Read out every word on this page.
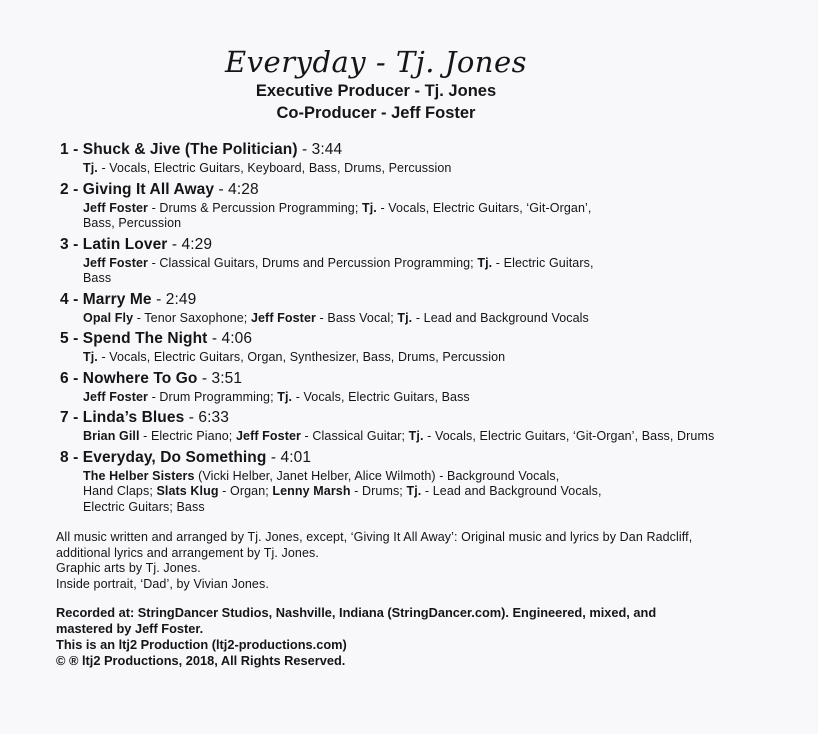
Everyday - Tj. Jones
Executive Producer - Tj. Jones
Co-Producer - Jeff Foster
1 - Shuck & Jive (The Politician) - 3:44
Tj. - Vocals, Electric Guitars, Keyboard, Bass, Drums, Percussion
2 - Giving It All Away - 4:28
Jeff Foster - Drums & Percussion Programming; Tj. - Vocals, Electric Guitars, ‘Git-Organ’,
Bass, Percussion
3 - Latin Lover - 4:29
Jeff Foster - Classical Guitars, Drums and Percussion Programming; Tj. - Electric Guitars,
Bass
4 - Marry Me - 2:49
Opal Fly - Tenor Saxophone; Jeff Foster - Bass Vocal; Tj. - Lead and Background Vocals
5 - Spend The Night - 4:06
Tj. - Vocals, Electric Guitars, Organ, Synthesizer, Bass, Drums, Percussion
6 - Nowhere To Go - 3:51
Jeff Foster - Drum Programming; Tj. - Vocals, Electric Guitars, Bass
7 - Linda’s Blues - 6:33
Brian Gill - Electric Piano; Jeff Foster - Classical Guitar; Tj. - Vocals, Electric Guitars, ‘Git-Organ’, Bass, Drums
8 - Everyday, Do Something - 4:01
The Helber Sisters (Vicki Helber, Janet Helber, Alice Wilmoth) - Background Vocals,
Hand Claps; Slats Klug - Organ; Lenny Marsh - Drums; Tj. - Lead and Background Vocals,
Electric Guitars; Bass
All music written and arranged by Tj. Jones, except, ‘Giving It All Away’: Original music and lyrics by Dan Radcliff,
additional lyrics and arrangement by Tj. Jones.
Graphic arts by Tj. Jones.
Inside portrait, ‘Dad’, by Vivian Jones.
Recorded at: StringDancer Studios, Nashville, Indiana (StringDancer.com). Engineered, mixed, and
mastered by Jeff Foster.
This is an ltj2 Production (ltj2-productions.com)
© ® ltj2 Productions, 2018, All Rights Reserved.
